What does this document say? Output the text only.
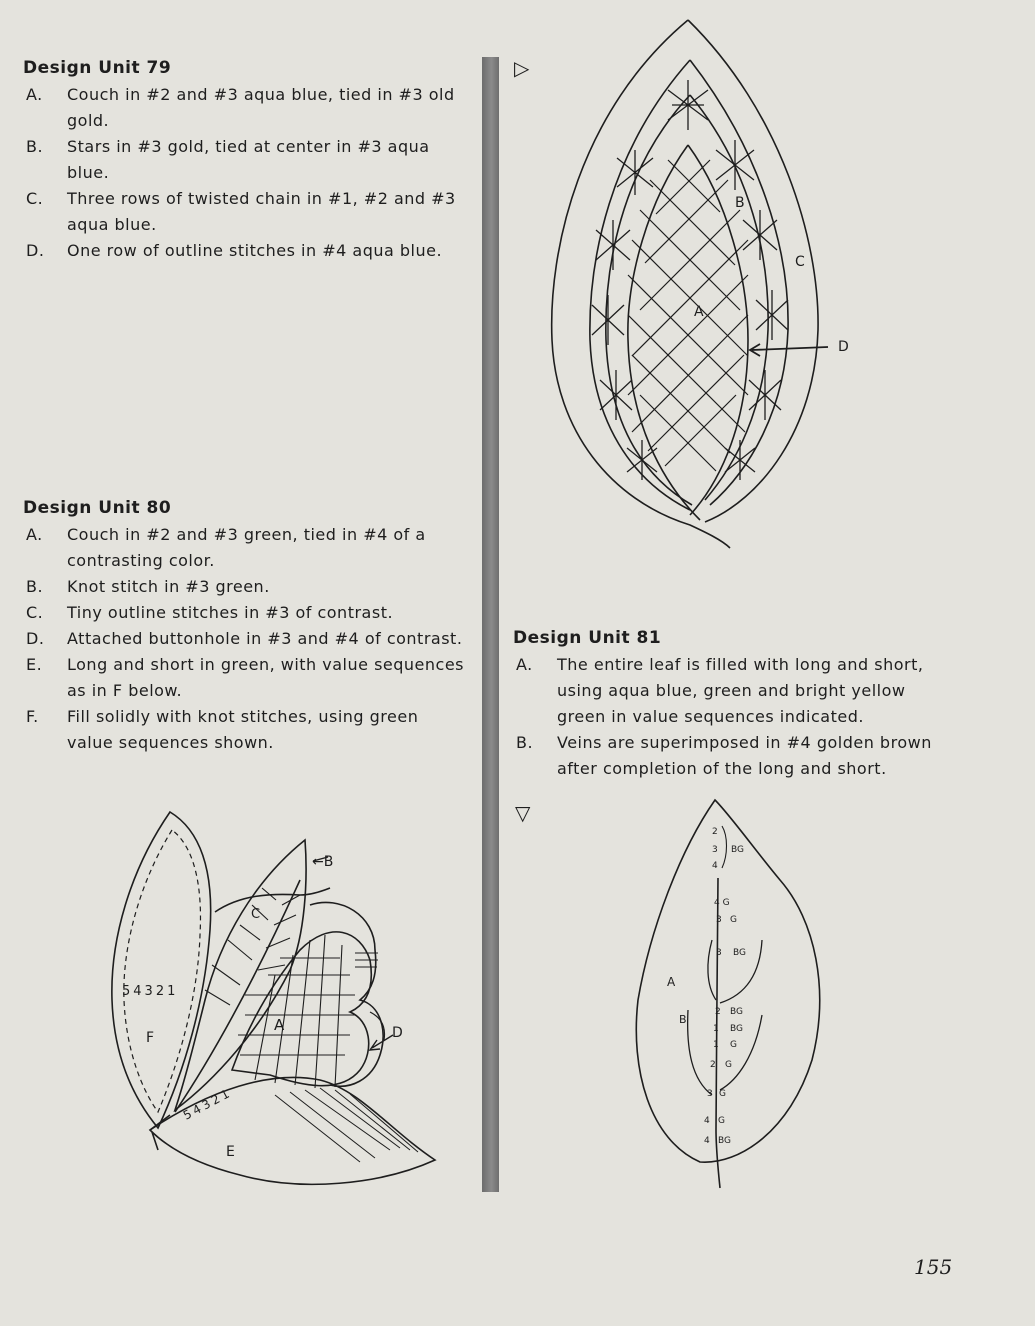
Design Unit 79
A. Couch in #2 and #3 aqua blue, tied in #3 old gold.
B. Stars in #3 gold, tied at center in #3 aqua blue.
C. Three rows of twisted chain in #1, #2 and #3 aqua blue.
D. One row of outline stitches in #4 aqua blue.
Design Unit 80
A. Couch in #2 and #3 green, tied in #4 of a contrasting color.
B. Knot stitch in #3 green.
C. Tiny outline stitches in #3 of contrast.
D. Attached buttonhole in #3 and #4 of contrast.
E. Long and short in green, with value sequences as in F below.
F. Fill solidly with knot stitches, using green value sequences shown.
Design Unit 81
A. The entire leaf is filled with long and short, using aqua blue, green and bright yellow green in value sequences indicated.
B. Veins are superimposed in #4 golden brown after completion of the long and short.
▷
▽
A
B
C
D
←B
C
A	D
F
E
54321
54321
2
3
4
BG
4 G
3 G
3 BG
2 BG
1 BG
1 G
2 G
3 G
4 G
4 BG
A
B
155
